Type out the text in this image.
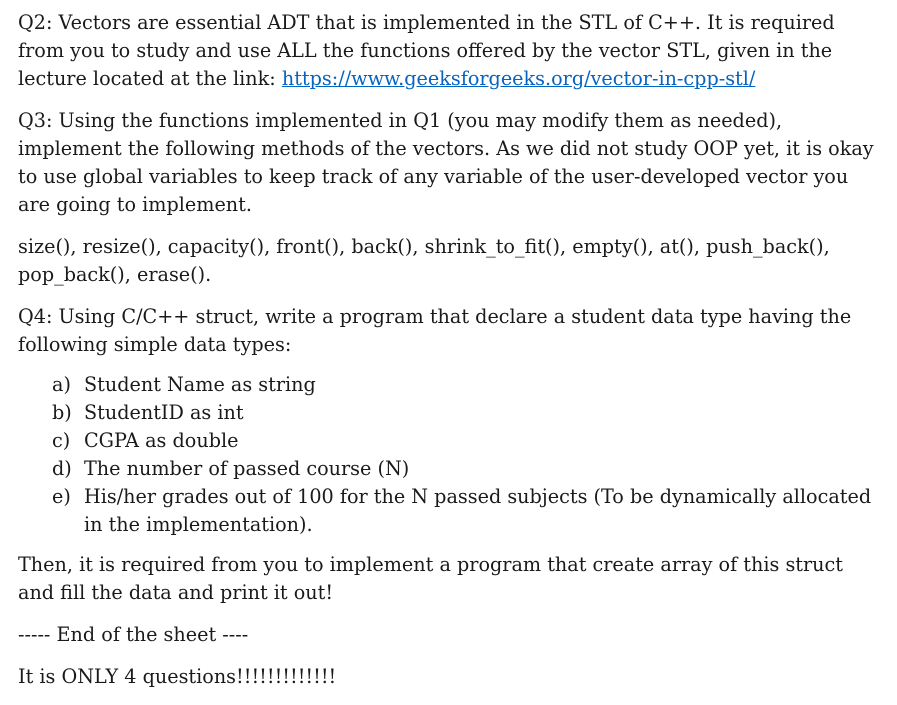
Q2: Vectors are essential ADT that is implemented in the STL of C++. It is required from you to study and use ALL the functions offered by the vector STL, given in the lecture located at the link: https://www.geeksforgeeks.org/vector-in-cpp-stl/

Q3: Using the functions implemented in Q1 (you may modify them as needed), implement the following methods of the vectors. As we did not study OOP yet, it is okay to use global variables to keep track of any variable of the user-developed vector you are going to implement.

size(), resize(), capacity(), front(), back(), shrink_to_fit(), empty(), at(), push_back(), pop_back(), erase().

Q4: Using C/C++ struct, write a program that declare a student data type having the following simple data types:

a) Student Name as string
b) StudentID as int
c) CGPA as double
d) The number of passed course (N)
e) His/her grades out of 100 for the N passed subjects (To be dynamically allocated in the implementation).

Then, it is required from you to implement a program that create array of this struct and fill the data and print it out!

----- End of the sheet ----

It is ONLY 4 questions!!!!!!!!!!!!!
